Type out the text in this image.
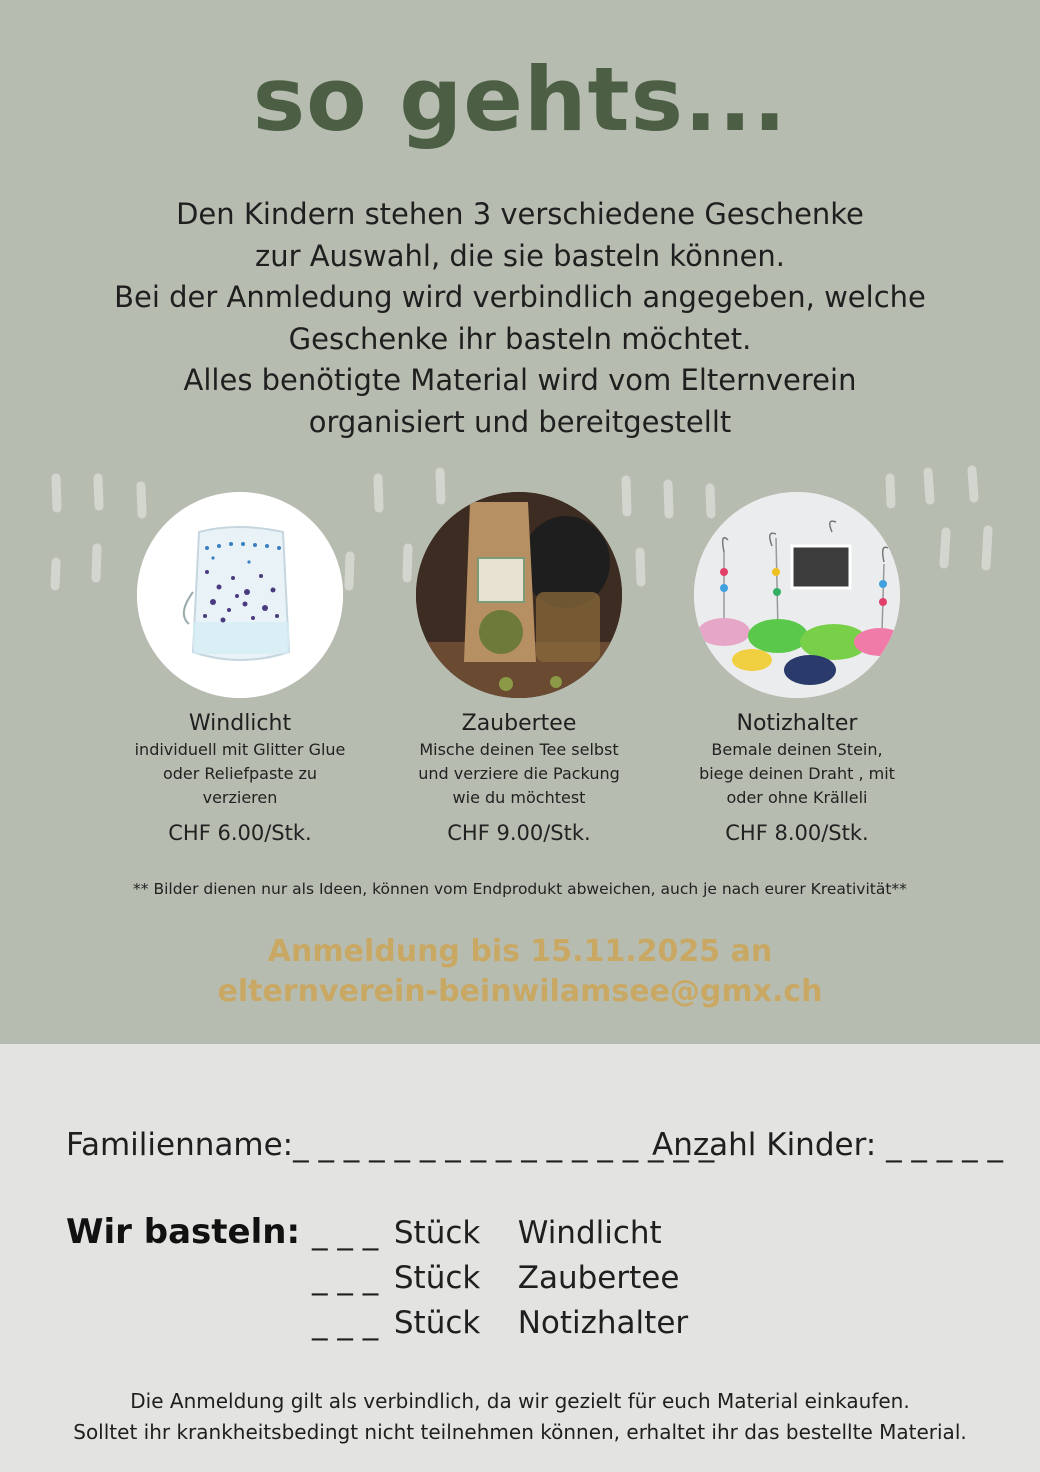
so gehts...
Den Kindern stehen 3 verschiedene Geschenke
zur Auswahl, die sie basteln können.
Bei der Anmledung wird verbindlich angegeben, welche
Geschenke ihr basteln möchtet.
Alles benötigte Material wird vom Elternverein
organisiert und bereitgestellt
Windlicht
individuell mit Glitter Glue
oder Reliefpaste zu
verzieren
CHF 6.00/Stk.
Zaubertee
Mische deinen Tee selbst
und verziere die Packung
wie du möchtest
CHF 9.00/Stk.
Notizhalter
Bemale deinen Stein,
biege deinen Draht , mit
oder ohne Krälleli
CHF 8.00/Stk.
** Bilder dienen nur als Ideen, können vom Endprodukt abweichen, auch je nach eurer Kreativität**
Anmeldung bis 15.11.2025 an
elternverein-beinwilamsee@gmx.ch
Familienname:_ _ _ _ _ _ _ _ _ _ _ _ _ _ _ _ _
Anzahl Kinder: _ _ _ _ _
Wir basteln: _ _ _ Stück Windlicht
_ _ _ Stück Zaubertee
_ _ _ Stück Notizhalter
Die Anmeldung gilt als verbindlich, da wir gezielt für euch Material einkaufen.
Solltet ihr krankheitsbedingt nicht teilnehmen können, erhaltet ihr das bestellte Material.
